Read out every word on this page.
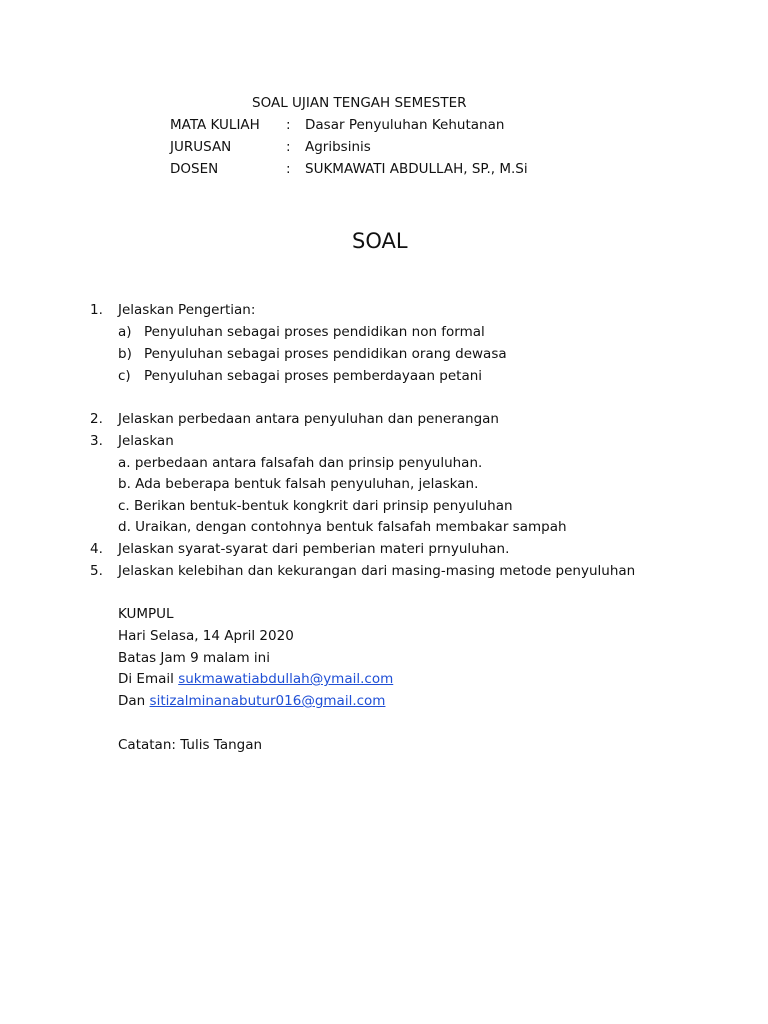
SOAL UJIAN TENGAH SEMESTER
MATA KULIAH : Dasar Penyuluhan Kehutanan
JURUSAN	: Agribsinis
DOSEN	: SUKMAWATI ABDULLAH, SP., M.Si
SOAL
1. Jelaskan Pengertian:
a) Penyuluhan sebagai proses pendidikan non formal
b) Penyuluhan sebagai proses pendidikan orang dewasa
c) Penyuluhan sebagai proses pemberdayaan petani
2. Jelaskan perbedaan antara penyuluhan dan penerangan
3. Jelaskan
a. perbedaan antara falsafah dan prinsip penyuluhan.
b. Ada beberapa bentuk falsah penyuluhan, jelaskan.
c. Berikan bentuk-bentuk kongkrit dari prinsip penyuluhan
d. Uraikan, dengan contohnya bentuk falsafah membakar sampah
4. Jelaskan syarat-syarat dari pemberian materi prnyuluhan.
5. Jelaskan kelebihan dan kekurangan dari masing-masing metode penyuluhan
KUMPUL
Hari Selasa, 14 April 2020
Batas Jam 9 malam ini
Di Email sukmawatiabdullah@ymail.com
Dan sitizalminanabutur016@gmail.com
Catatan: Tulis Tangan
